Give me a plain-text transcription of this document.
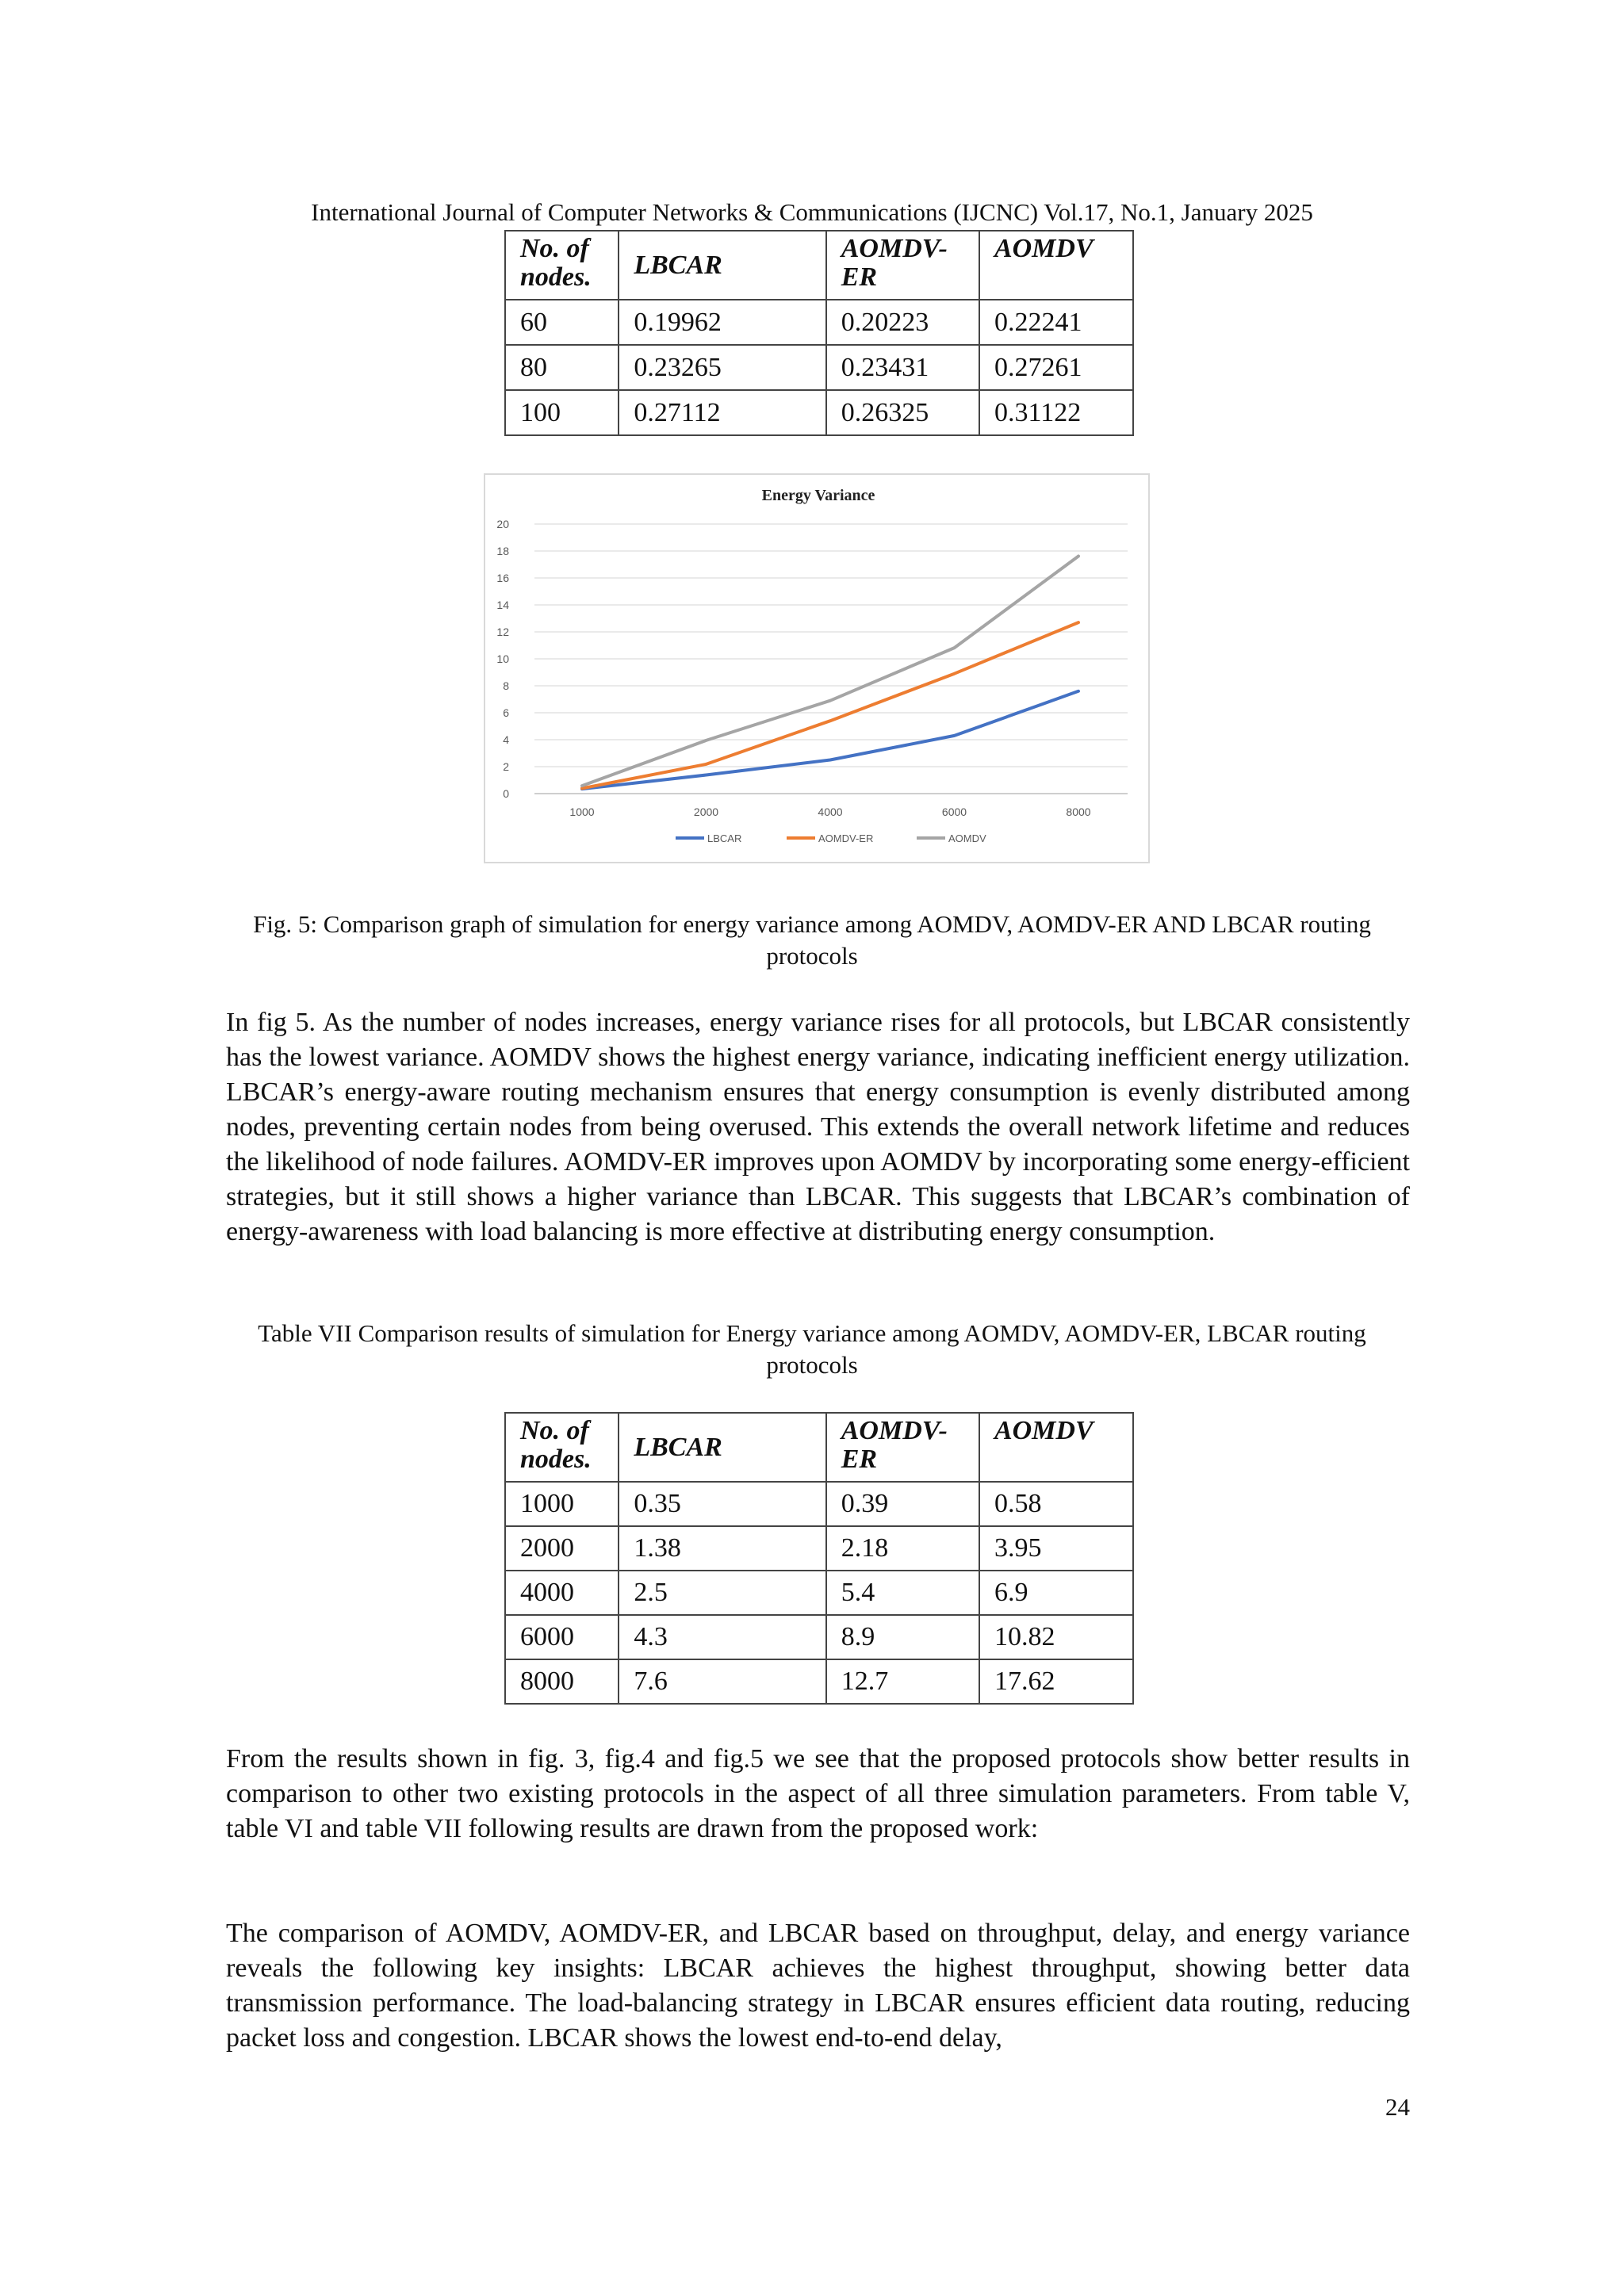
International Journal of Computer Networks & Communications (IJCNC) Vol.17, No.1, January 2025
No. of nodes.	LBCAR	AOMDV-ER	AOMDV
60	0.19962	0.20223	0.22241
80	0.23265	0.23431	0.27261
100	0.27112	0.26325	0.31122
Energy Variance
0
2
4
6
8
10
12
14
16
18
20
1000	2000	4000	6000	8000
LBCAR	AOMDV-ER	AOMDV
Fig. 5: Comparison graph of simulation for energy variance among AOMDV, AOMDV-ER AND LBCAR routing protocols
In fig 5. As the number of nodes increases, energy variance rises for all protocols, but LBCAR consistently has the lowest variance. AOMDV shows the highest energy variance, indicating inefficient energy utilization. LBCAR’s energy-aware routing mechanism ensures that energy consumption is evenly distributed among nodes, preventing certain nodes from being overused. This extends the overall network lifetime and reduces the likelihood of node failures. AOMDV-ER improves upon AOMDV by incorporating some energy-efficient strategies, but it still shows a higher variance than LBCAR. This suggests that LBCAR’s combination of energy-awareness with load balancing is more effective at distributing energy consumption.
Table VII Comparison results of simulation for Energy variance among AOMDV, AOMDV-ER, LBCAR routing protocols
No. of nodes.	LBCAR	AOMDV-ER	AOMDV
1000	0.35	0.39	0.58
2000	1.38	2.18	3.95
4000	2.5	5.4	6.9
6000	4.3	8.9	10.82
8000	7.6	12.7	17.62
From the results shown in fig. 3, fig.4 and fig.5 we see that the proposed protocols show better results in comparison to other two existing protocols in the aspect of all three simulation parameters. From table V, table VI and table VII following results are drawn from the proposed work:
The comparison of AOMDV, AOMDV-ER, and LBCAR based on throughput, delay, and energy variance reveals the following key insights: LBCAR achieves the highest throughput, showing better data transmission performance. The load-balancing strategy in LBCAR ensures efficient data routing, reducing packet loss and congestion. LBCAR shows the lowest end-to-end delay,
24
